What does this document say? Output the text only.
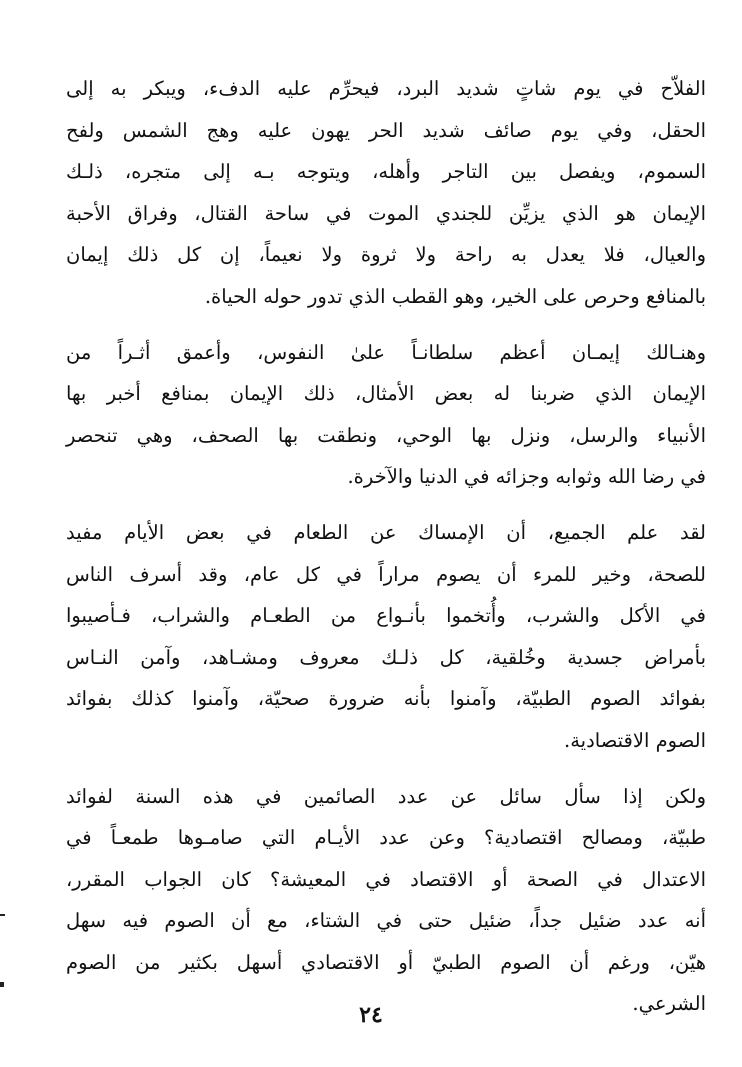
الفلاّح في يوم شاتٍ شديد البرد، فيحرِّم عليه الدفء، ويبكر به إلى
الحقل، وفي يوم صائف شديد الحر يهون عليه وهج الشمس ولفح
السموم، ويفصل بين التاجر وأهله، ويتوجه بـه إلى متجره، ذلـك
الإيمان هو الذي يزيِّن للجندي الموت في ساحة القتال، وفراق الأحبة
والعيال، فلا يعدل به راحة ولا ثروة ولا نعيماً، إن كل ذلك إيمان
بالمنافع وحرص على الخير، وهو القطب الذي تدور حوله الحياة.
وهنـالك إيمـان أعظم سلطانـاً علىٰ النفوس، وأعمق أثـراً من
الإيمان الذي ضربنا له بعض الأمثال، ذلك الإيمان بمنافع أخبر بها
الأنبياء والرسل، ونزل بها الوحي، ونطقت بها الصحف، وهي تنحصر
في رضا الله وثوابه وجزائه في الدنيا والآخرة.
لقد علم الجميع، أن الإمساك عن الطعام في بعض الأيام مفيد
للصحة، وخير للمرء أن يصوم مراراً في كل عام، وقد أسرف الناس
في الأكل والشرب، وأُتخموا بأنـواع من الطعـام والشراب، فـأصيبوا
بأمراض جسدية وخُلقية، كل ذلـك معروف ومشـاهد، وآمن النـاس
بفوائد الصوم الطبيّة، وآمنوا بأنه ضرورة صحيّة، وآمنوا كذلك بفوائد
الصوم الاقتصادية.
ولكن إذا سأل سائل عن عدد الصائمين في هذه السنة لفوائد
طبيّة، ومصالح اقتصادية؟ وعن عدد الأيـام التي صامـوها طمعـاً في
الاعتدال في الصحة أو الاقتصاد في المعيشة؟ كان الجواب المقرر،
أنه عدد ضئيل جداً، ضئيل حتى في الشتاء، مع أن الصوم فيه سهل
هيّن، ورغم أن الصوم الطبيّ أو الاقتصادي أسهل بكثير من الصوم
الشرعي.
٢٤
